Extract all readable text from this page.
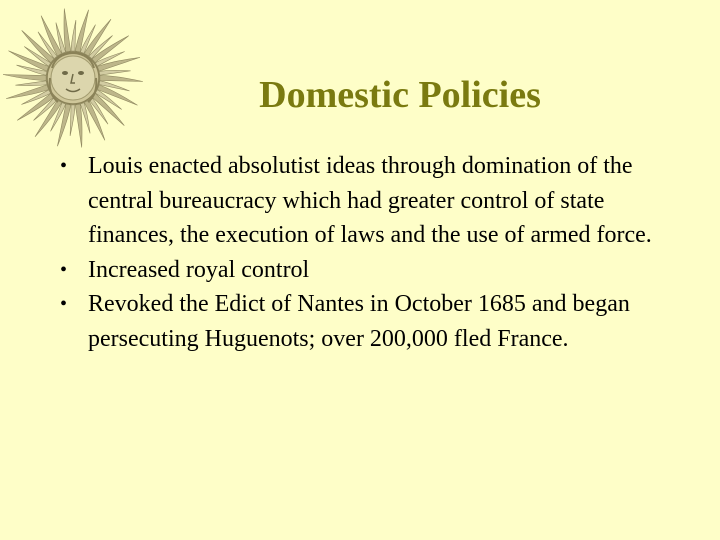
Domestic Policies
• Louis enacted absolutist ideas through domination of the central bureaucracy which had greater control of state finances, the execution of laws and the use of armed force.
• Increased royal control
• Revoked the Edict of Nantes in October 1685 and began persecuting Huguenots; over 200,000 fled France.
